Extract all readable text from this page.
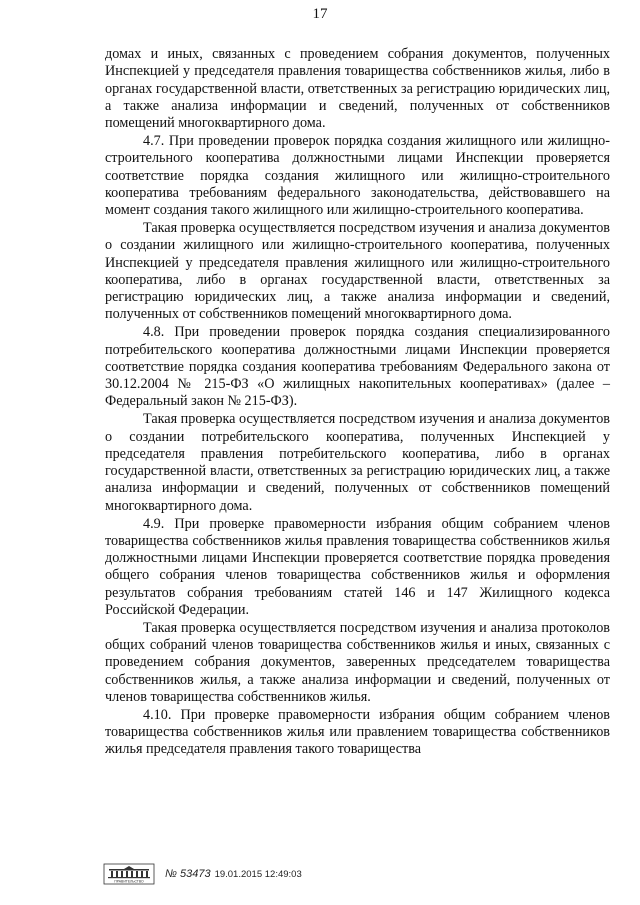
17

домах и иных, связанных с проведением собрания документов, полученных Инспекцией у председателя правления товарищества собственников жилья, либо в органах государственной власти, ответственных за регистрацию юридических лиц, а также анализа информации и сведений, полученных от собственников помещений многоквартирного дома.

4.7. При проведении проверок порядка создания жилищного или жилищно-строительного кооператива должностными лицами Инспекции проверяется соответствие порядка создания жилищного или жилищно-строительного кооператива требованиям федерального законодательства, действовавшего на момент создания такого жилищного или жилищно-строительного кооператива.

Такая проверка осуществляется посредством изучения и анализа документов о создании жилищного или жилищно-строительного кооператива, полученных Инспекцией у председателя правления жилищного или жилищно-строительного кооператива, либо в органах государственной власти, ответственных за регистрацию юридических лиц, а также анализа информации и сведений, полученных от собственников помещений многоквартирного дома.

4.8. При проведении проверок порядка создания специализированного потребительского кооператива должностными лицами Инспекции проверяется соответствие порядка создания кооператива требованиям Федерального закона от 30.12.2004 № 215-ФЗ «О жилищных накопительных кооперативах» (далее – Федеральный закон № 215-ФЗ).

Такая проверка осуществляется посредством изучения и анализа документов о создании потребительского кооператива, полученных Инспекцией у председателя правления потребительского кооператива, либо в органах государственной власти, ответственных за регистрацию юридических лиц, а также анализа информации и сведений, полученных от собственников помещений многоквартирного дома.

4.9. При проверке правомерности избрания общим собранием членов товарищества собственников жилья правления товарищества собственников жилья должностными лицами Инспекции проверяется соответствие порядка проведения общего собрания членов товарищества собственников жилья и оформления результатов собрания требованиям статей 146 и 147 Жилищного кодекса Российской Федерации.

Такая проверка осуществляется посредством изучения и анализа протоколов общих собраний членов товарищества собственников жилья и иных, связанных с проведением собрания документов, заверенных председателем товарищества собственников жилья, а также анализа информации и сведений, полученных от членов товарищества собственников жилья.

4.10. При проверке правомерности избрания общим собранием членов товарищества собственников жилья или правлением товарищества собственников жилья председателя правления такого товарищества

ПРАВИТЕЛЬСТВО
№ 53473 19.01.2015 12:49:03
